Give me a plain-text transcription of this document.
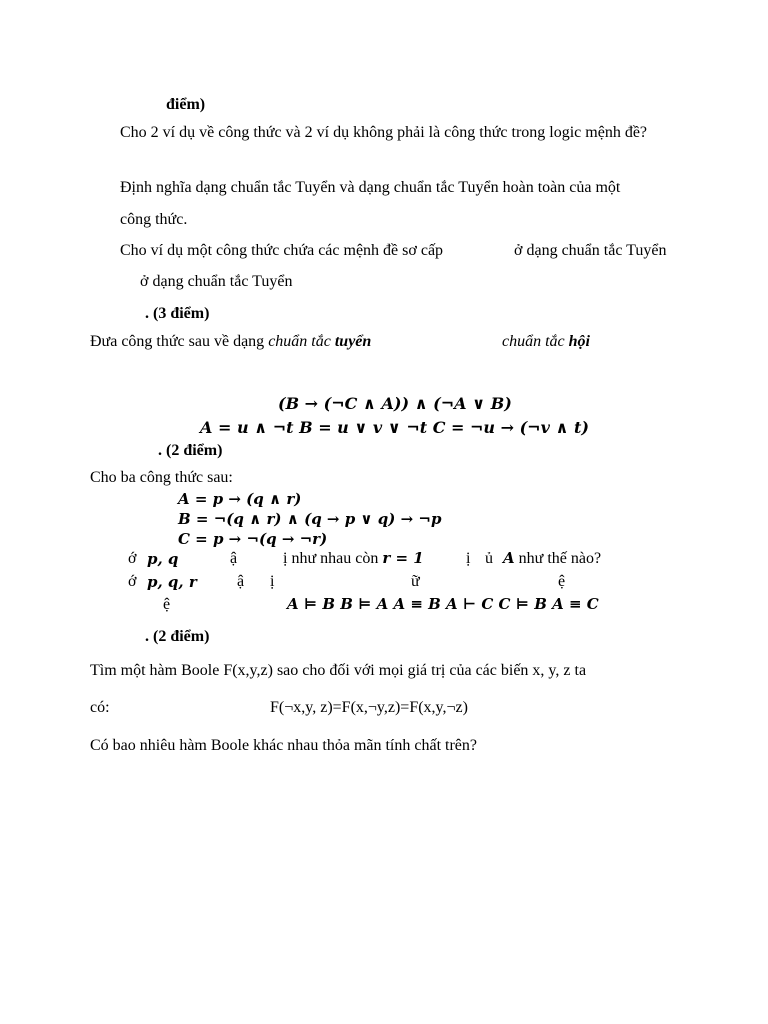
điểm)
Cho 2 ví dụ về công thức và 2 ví dụ không phải là công thức trong logic mệnh đề?
Định nghĩa dạng chuẩn tắc Tuyển và dạng chuẩn tắc Tuyển hoàn toàn của một
công thức.
Cho ví dụ một công thức chứa các mệnh đề sơ cấp	ở dạng chuẩn tắc Tuyển
ở dạng chuẩn tắc Tuyển
. (3 điểm)
Đưa công thức sau về dạng chuẩn tắc tuyển	chuẩn tắc hội
(B → (¬C ∧ A)) ∧ (¬A ∨ B)
A = u ∧ ¬t B = u ∨ v ∨ ¬t C = ¬u → (¬v ∧ t)
. (2 điểm)
Cho ba công thức sau:
A = p → (q ∧ r)
B = ¬(q ∧ r) ∧ (q → p ∨ q) → ¬p
C = p → ¬(q → ¬r)
ớ p, q	ậ	ị như nhau còn r = 1	ị ủ A như thế nào?
ớ p, q, r	ậ ị	ữ	ệ
ệ	A ⊨ B B ⊨ A A ≡ B A ⊢ C C ⊨ B A ≡ C
. (2 điểm)
Tìm một hàm Boole F(x,y,z) sao cho đối với mọi giá trị của các biến x, y, z ta
có:	F(¬x,y, z)=F(x,¬y,z)=F(x,y,¬z)
Có bao nhiêu hàm Boole khác nhau thỏa mãn tính chất trên?
